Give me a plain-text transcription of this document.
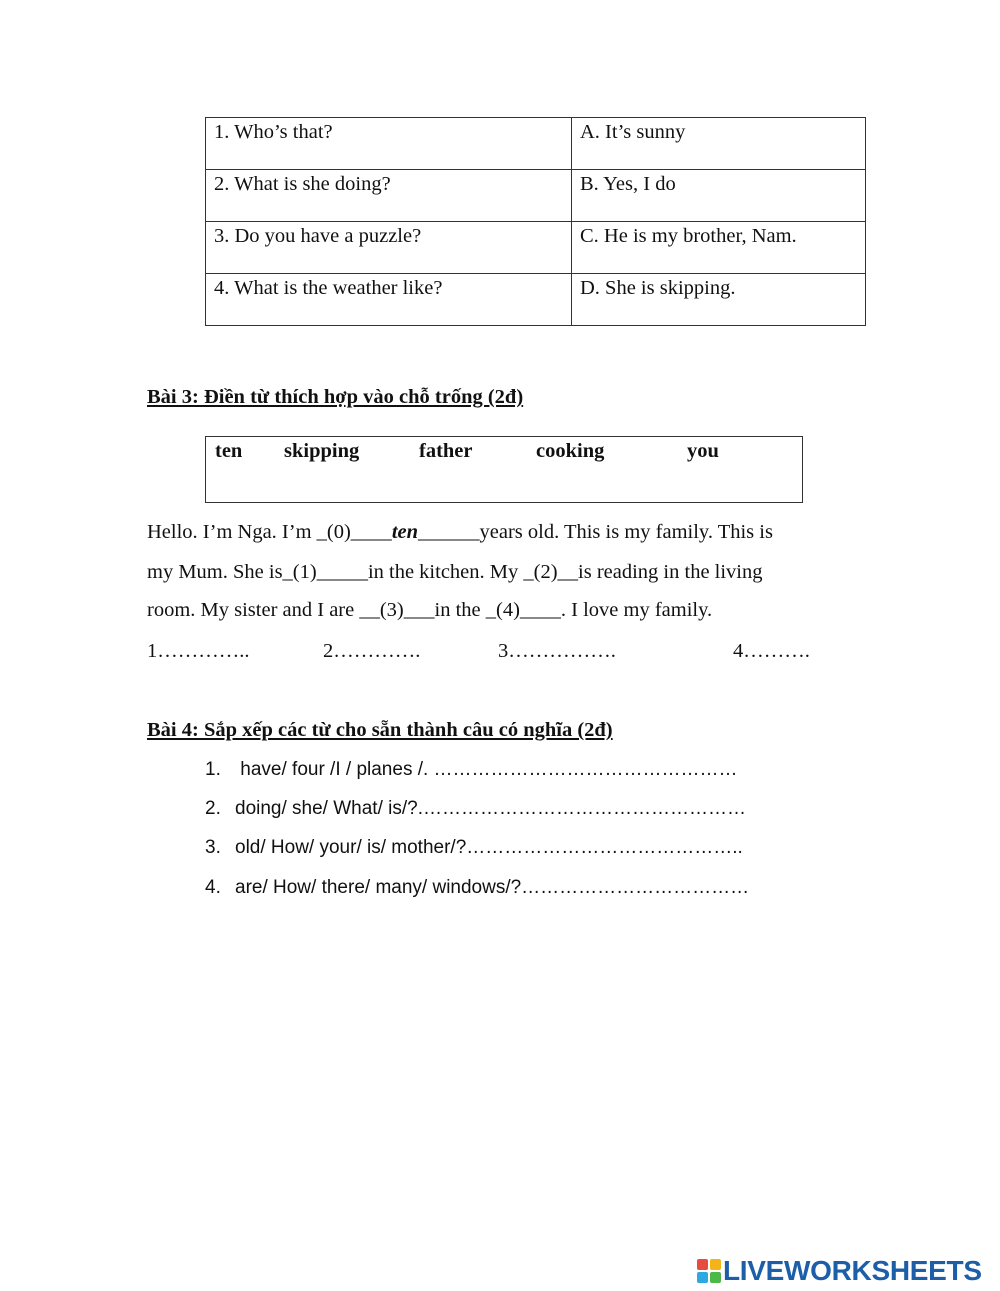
1. Who’s that?	A. It’s sunny
2. What is she doing?	B. Yes, I do
3. Do you have a puzzle?	C. He is my brother, Nam.
4. What is the weather like?	D. She is skipping.
Bài 3: Điền từ thích hợp vào chỗ trống (2đ)
ten skipping	father	cooking	you
Hello. I’m Nga. I’m _(0)____ten______years old. This is my family. This is
my Mum. She is_(1)_____in the kitchen. My _(2)__is reading in the living
room. My sister and I are __(3)___in the _(4)____. I love my family.
1…………..	2………….	3…………….	4……….
Bài 4: Sắp xếp các từ cho sẵn thành câu có nghĩa (2đ)
1. have/ four /I / planes /. …………………………………………
2. doing/ she/ What/ is/?.……………………………………………
3. old/ How/ your/ is/ mother/?……………………………………..
4. are/ How/ there/ many/ windows/?………………………………
LIVEWORKSHEETS
